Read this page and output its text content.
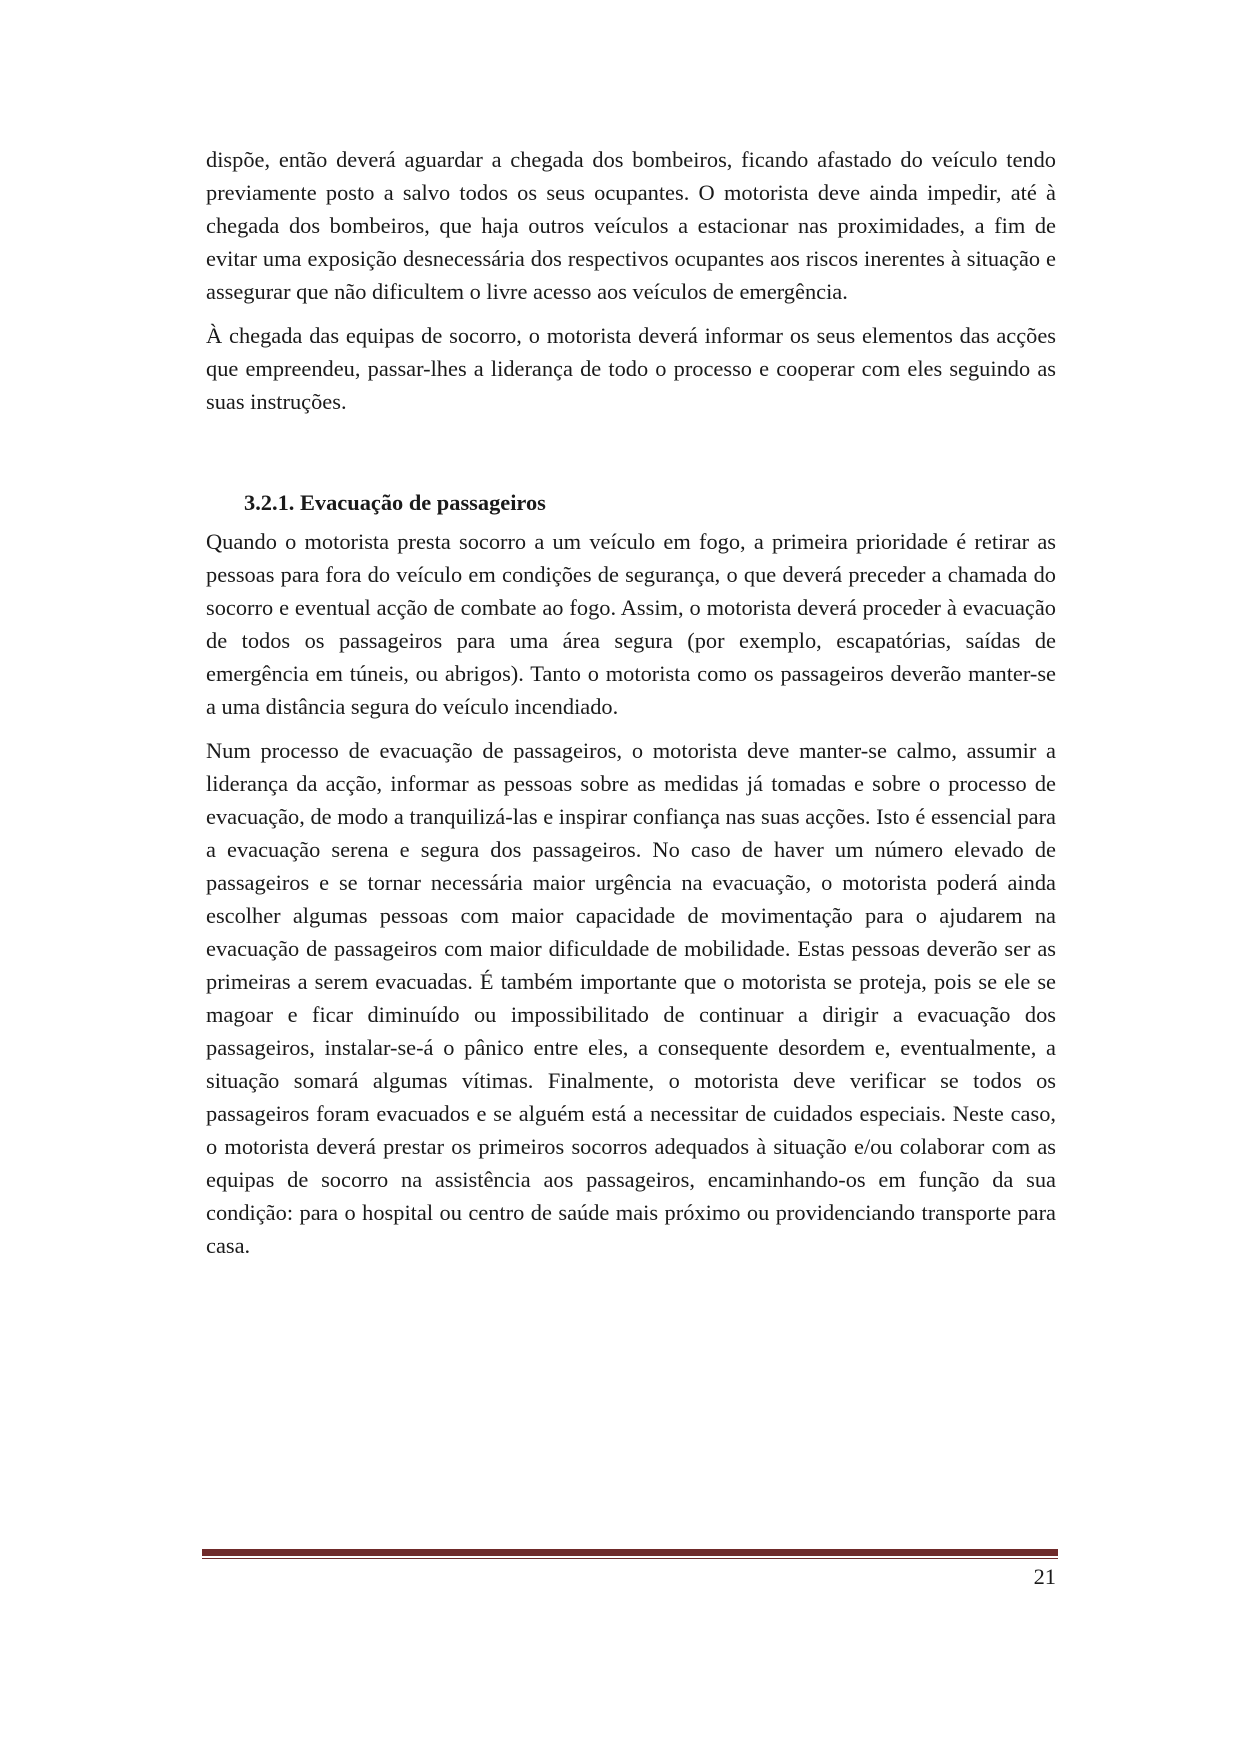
dispõe, então deverá aguardar a chegada dos bombeiros, ficando afastado do veículo tendo previamente posto a salvo todos os seus ocupantes. O motorista deve ainda impedir, até à chegada dos bombeiros, que haja outros veículos a estacionar nas proximidades, a fim de evitar uma exposição desnecessária dos respectivos ocupantes aos riscos inerentes à situação e assegurar que não dificultem o livre acesso aos veículos de emergência.

À chegada das equipas de socorro, o motorista deverá informar os seus elementos das acções que empreendeu, passar-lhes a liderança de todo o processo e cooperar com eles seguindo as suas instruções.

3.2.1. Evacuação de passageiros

Quando o motorista presta socorro a um veículo em fogo, a primeira prioridade é retirar as pessoas para fora do veículo em condições de segurança, o que deverá preceder a chamada do socorro e eventual acção de combate ao fogo. Assim, o motorista deverá proceder à evacuação de todos os passageiros para uma área segura (por exemplo, escapatórias, saídas de emergência em túneis, ou abrigos). Tanto o motorista como os passageiros deverão manter-se a uma distância segura do veículo incendiado.

Num processo de evacuação de passageiros, o motorista deve manter-se calmo, assumir a liderança da acção, informar as pessoas sobre as medidas já tomadas e sobre o processo de evacuação, de modo a tranquilizá-las e inspirar confiança nas suas acções. Isto é essencial para a evacuação serena e segura dos passageiros. No caso de haver um número elevado de passageiros e se tornar necessária maior urgência na evacuação, o motorista poderá ainda escolher algumas pessoas com maior capacidade de movimentação para o ajudarem na evacuação de passageiros com maior dificuldade de mobilidade. Estas pessoas deverão ser as primeiras a serem evacuadas. É também importante que o motorista se proteja, pois se ele se magoar e ficar diminuído ou impossibilitado de continuar a dirigir a evacuação dos passageiros, instalar-se-á o pânico entre eles, a consequente desordem e, eventualmente, a situação somará algumas vítimas. Finalmente, o motorista deve verificar se todos os passageiros foram evacuados e se alguém está a necessitar de cuidados especiais. Neste caso, o motorista deverá prestar os primeiros socorros adequados à situação e/ou colaborar com as equipas de socorro na assistência aos passageiros, encaminhando-os em função da sua condição: para o hospital ou centro de saúde mais próximo ou providenciando transporte para casa.

21
